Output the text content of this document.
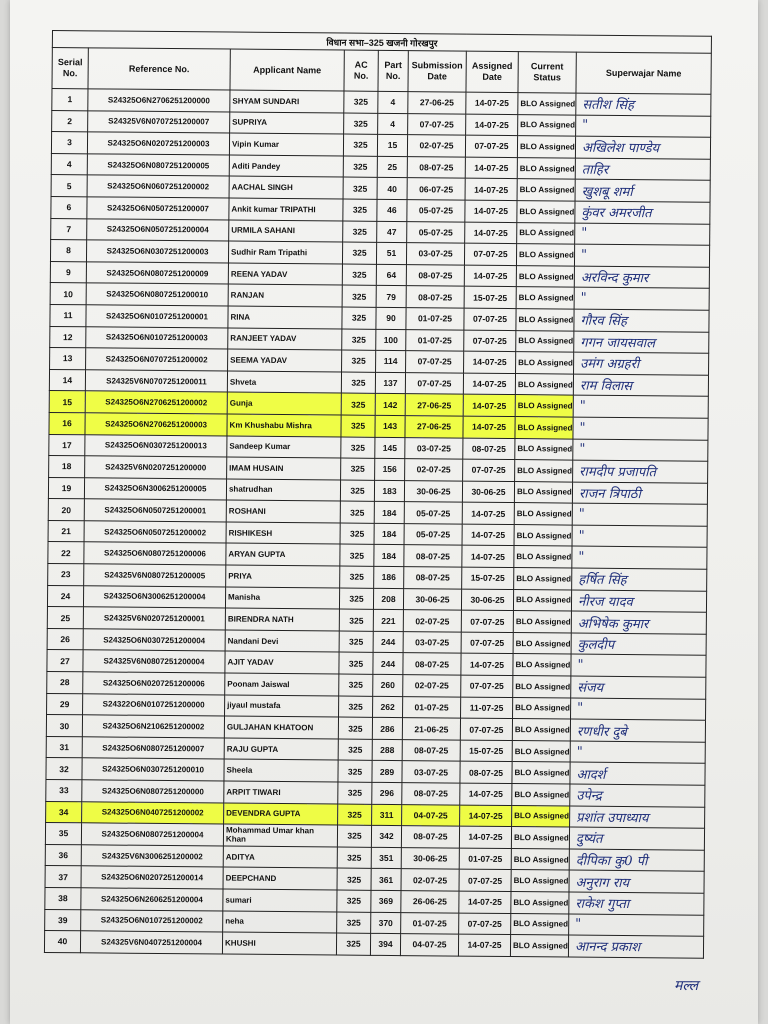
विधान सभा–325 खजनी गोरखपुर								
Serial No.	Reference No.	Applicant Name	AC No.	Part No.	Submission Date	Assigned Date	Current Status	Superwajar Name
1	S24325O6N2706251200000	SHYAM SUNDARI	325	4	27-06-25	14-07-25	BLO Assigned	सतीश सिंह
2	S24325V6N0707251200007	SUPRIYA	325	4	07-07-25	14-07-25	BLO Assigned	"
3	S24325O6N0207251200003	Vipin Kumar	325	15	02-07-25	07-07-25	BLO Assigned	अखिलेश पाण्डेय
4	S24325O6N0807251200005	Aditi Pandey	325	25	08-07-25	14-07-25	BLO Assigned	ताहिर
5	S24325O6N0607251200002	AACHAL SINGH	325	40	06-07-25	14-07-25	BLO Assigned	खुशबू शर्मा
6	S24325O6N0507251200007	Ankit kumar TRIPATHI	325	46	05-07-25	14-07-25	BLO Assigned	कुंवर अमरजीत
7	S24325O6N0507251200004	URMILA SAHANI	325	47	05-07-25	14-07-25	BLO Assigned	"
8	S24325O6N0307251200003	Sudhir Ram Tripathi	325	51	03-07-25	07-07-25	BLO Assigned	"
9	S24325O6N0807251200009	REENA YADAV	325	64	08-07-25	14-07-25	BLO Assigned	अरविन्द कुमार
10	S24325O6N0807251200010	RANJAN	325	79	08-07-25	15-07-25	BLO Assigned	"
11	S24325O6N0107251200001	RINA	325	90	01-07-25	07-07-25	BLO Assigned	गौरव सिंह
12	S24325O6N0107251200003	RANJEET YADAV	325	100	01-07-25	07-07-25	BLO Assigned	गगन जायसवाल
13	S24325O6N0707251200002	SEEMA YADAV	325	114	07-07-25	14-07-25	BLO Assigned	उमंग अग्रहरी
14	S24325V6N0707251200011	Shveta	325	137	07-07-25	14-07-25	BLO Assigned	राम विलास
15	S24325O6N2706251200002	Gunja	325	142	27-06-25	14-07-25	BLO Assigned	"
16	S24325O6N2706251200003	Km Khushabu Mishra	325	143	27-06-25	14-07-25	BLO Assigned	"
17	S24325O6N0307251200013	Sandeep Kumar	325	145	03-07-25	08-07-25	BLO Assigned	"
18	S24325V6N0207251200000	IMAM HUSAIN	325	156	02-07-25	07-07-25	BLO Assigned	रामदीप प्रजापति
19	S24325O6N3006251200005	shatrudhan	325	183	30-06-25	30-06-25	BLO Assigned	राजन त्रिपाठी
20	S24325O6N0507251200001	ROSHANI	325	184	05-07-25	14-07-25	BLO Assigned	"
21	S24325O6N0507251200002	RISHIKESH	325	184	05-07-25	14-07-25	BLO Assigned	"
22	S24325O6N0807251200006	ARYAN GUPTA	325	184	08-07-25	14-07-25	BLO Assigned	"
23	S24325V6N0807251200005	PRIYA	325	186	08-07-25	15-07-25	BLO Assigned	हर्षित सिंह
24	S24325O6N3006251200004	Manisha	325	208	30-06-25	30-06-25	BLO Assigned	नीरज यादव
25	S24325V6N0207251200001	BIRENDRA NATH	325	221	02-07-25	07-07-25	BLO Assigned	अभिषेक कुमार
26	S24325O6N0307251200004	Nandani Devi	325	244	03-07-25	07-07-25	BLO Assigned	कुलदीप
27	S24325V6N0807251200004	AJIT YADAV	325	244	08-07-25	14-07-25	BLO Assigned	"
28	S24325O6N0207251200006	Poonam Jaiswal	325	260	02-07-25	07-07-25	BLO Assigned	संजय
29	S24322O6N0107251200000	jiyaul mustafa	325	262	01-07-25	11-07-25	BLO Assigned	"
30	S24325O6N2106251200002	GULJAHAN KHATOON	325	286	21-06-25	07-07-25	BLO Assigned	रणधीर दुबे
31	S24325O6N0807251200007	RAJU GUPTA	325	288	08-07-25	15-07-25	BLO Assigned	"
32	S24325O6N0307251200010	Sheela	325	289	03-07-25	08-07-25	BLO Assigned	आदर्श
33	S24325O6N0807251200000	ARPIT TIWARI	325	296	08-07-25	14-07-25	BLO Assigned	उपेन्द्र
34	S24325O6N0407251200002	DEVENDRA GUPTA	325	311	04-07-25	14-07-25	BLO Assigned	प्रशांत उपाध्याय
35	S24325O6N0807251200004	Mohammad Umar khan Khan	325	342	08-07-25	14-07-25	BLO Assigned	दुष्यंत
36	S24325V6N3006251200002	ADITYA	325	351	30-06-25	01-07-25	BLO Assigned	दीपिका कु0 पी
37	S24325O6N0207251200014	DEEPCHAND	325	361	02-07-25	07-07-25	BLO Assigned	अनुराग राय
38	S24325O6N2606251200004	sumari	325	369	26-06-25	14-07-25	BLO Assigned	राकेश गुप्ता
39	S24325O6N0107251200002	neha	325	370	01-07-25	07-07-25	BLO Assigned	"
40	S24325V6N0407251200004	KHUSHI	325	394	04-07-25	14-07-25	BLO Assigned	आनन्द प्रकाश
मल्ल
